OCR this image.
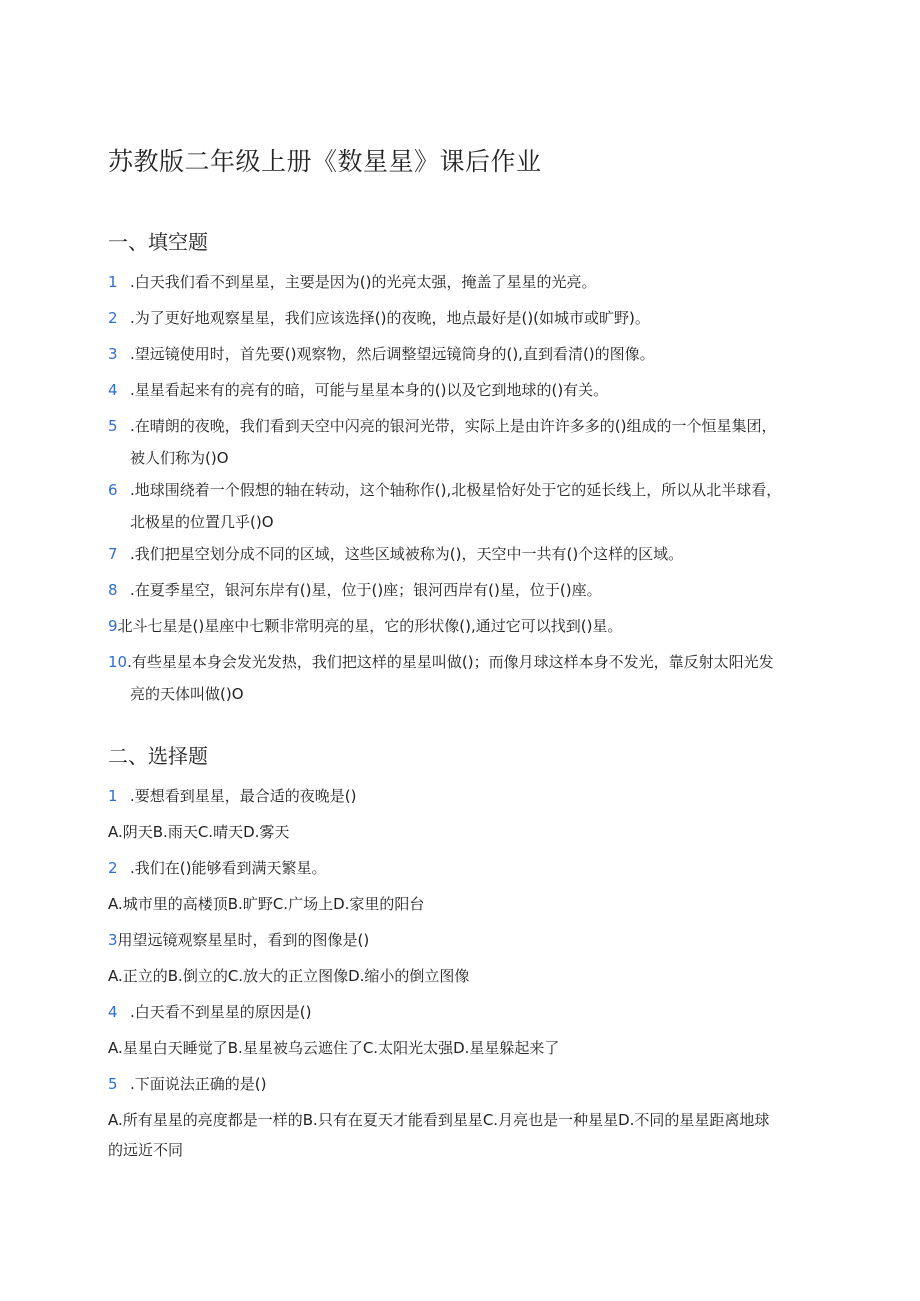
苏教版二年级上册《数星星》课后作业
一、填空题
1 .白天我们看不到星星，主要是因为()的光亮太强，掩盖了星星的光亮。
2 .为了更好地观察星星，我们应该选择()的夜晚，地点最好是()(如城市或旷野)。
3 .望远镜使用时，首先要()观察物，然后调整望远镜筒身的(),直到看清()的图像。
4 .星星看起来有的亮有的暗，可能与星星本身的()以及它到地球的()有关。
5 .在晴朗的夜晚，我们看到天空中闪亮的银河光带，实际上是由许许多多的()组成的一个恒星集团，
被人们称为()O
6 .地球围绕着一个假想的轴在转动，这个轴称作(),北极星恰好处于它的延长线上，所以从北半球看，
北极星的位置几乎()O
7 .我们把星空划分成不同的区域，这些区域被称为()，天空中一共有()个这样的区域。
8 .在夏季星空，银河东岸有()星，位于()座；银河西岸有()星，位于()座。
9北斗七星是()星座中七颗非常明亮的星，它的形状像(),通过它可以找到()星。
10.有些星星本身会发光发热，我们把这样的星星叫做()；而像月球这样本身不发光，靠反射太阳光发
亮的天体叫做()O
二、选择题
1 .要想看到星星，最合适的夜晚是()
A.阴天B.雨天C.晴天D.雾天
2 .我们在()能够看到满天繁星。
A.城市里的高楼顶B.旷野C.广场上D.家里的阳台
3用望远镜观察星星时，看到的图像是()
A.正立的B.倒立的C.放大的正立图像D.缩小的倒立图像
4 .白天看不到星星的原因是()
A.星星白天睡觉了B.星星被乌云遮住了C.太阳光太强D.星星躲起来了
5 .下面说法正确的是()
A.所有星星的亮度都是一样的B.只有在夏天才能看到星星C.月亮也是一种星星D.不同的星星距离地球
的远近不同
